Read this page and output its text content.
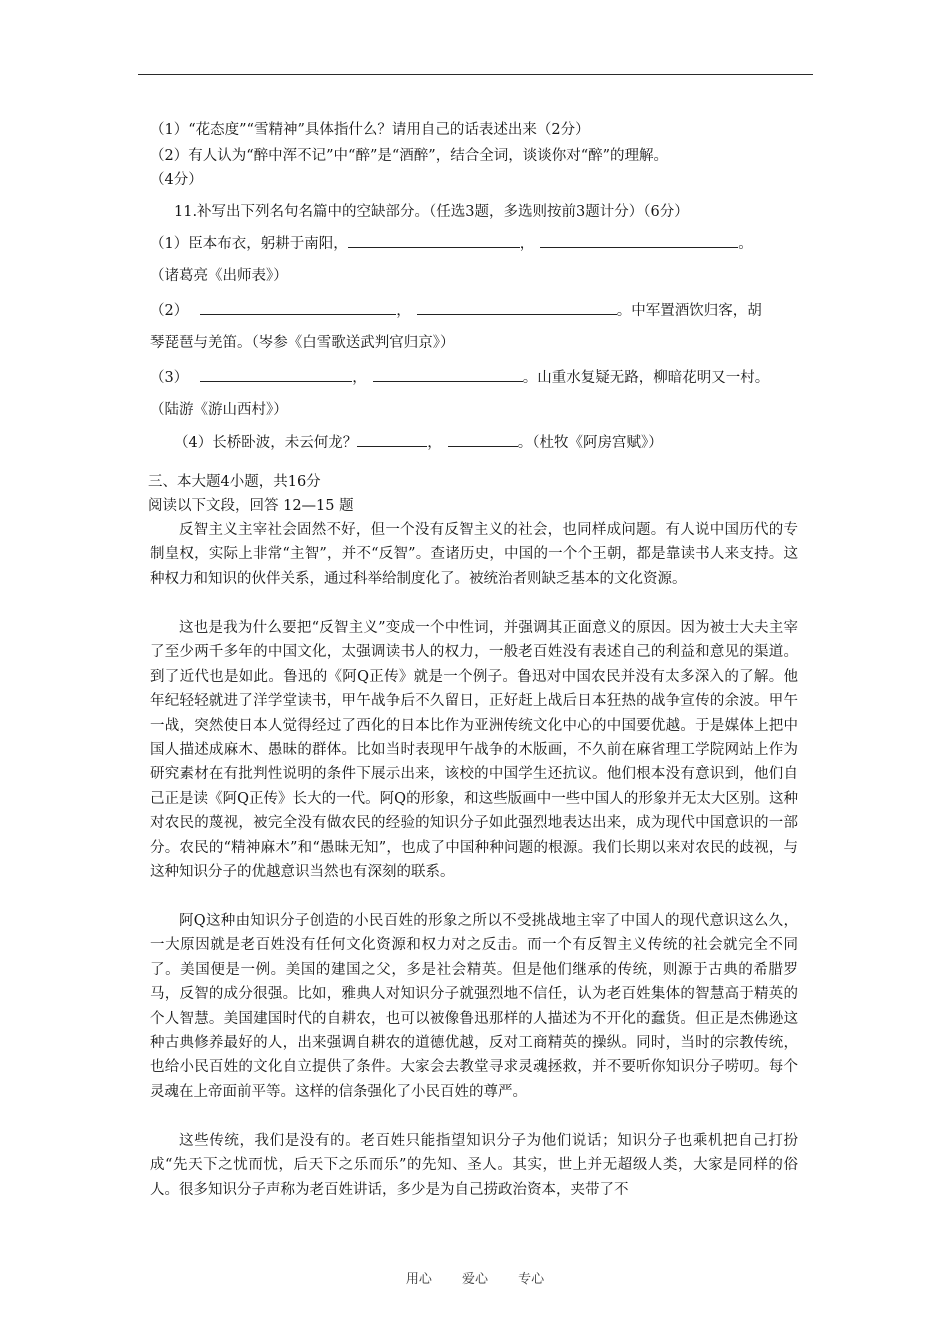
（1）“花态度”“雪精神”具体指什么？请用自己的话表述出来（2分）
（2）有人认为“醉中浑不记”中“醉”是“酒醉”，结合全词，谈谈你对“醉”的理解。
（4分）
11.补写出下列名句名篇中的空缺部分。（任选3题，多选则按前3题计分）（6分）
（1）臣本布衣，躬耕于南阳，	，	。
（诸葛亮《出师表》）
（2）	，	。中军置酒饮归客，胡
琴琵琶与羌笛。（岑参《白雪歌送武判官归京》）
（3）	，	。山重水复疑无路，柳暗花明又一村。
（陆游《游山西村》）
（4）长桥卧波，未云何龙？	，	。（杜牧《阿房宫赋》）
三、本大题4小题，共16分
阅读以下文段，回答 12—15 题
反智主义主宰社会固然不好，但一个没有反智主义的社会，也同样成问题。有人说中国历代的专制皇权，实际上非常“主智”，并不“反智”。查诸历史，中国的一个个王朝，都是靠读书人来支持。这种权力和知识的伙伴关系，通过科举给制度化了。被统治者则缺乏基本的文化资源。
这也是我为什么要把“反智主义”变成一个中性词，并强调其正面意义的原因。因为被士大夫主宰了至少两千多年的中国文化，太强调读书人的权力，一般老百姓没有表述自己的利益和意见的渠道。到了近代也是如此。鲁迅的《阿Q正传》就是一个例子。鲁迅对中国农民并没有太多深入的了解。他年纪轻轻就进了洋学堂读书，甲午战争后不久留日，正好赶上战后日本狂热的战争宣传的余波。甲午一战，突然使日本人觉得经过了西化的日本比作为亚洲传统文化中心的中国要优越。于是媒体上把中国人描述成麻木、愚昧的群体。比如当时表现甲午战争的木版画，不久前在麻省理工学院网站上作为研究素材在有批判性说明的条件下展示出来，该校的中国学生还抗议。他们根本没有意识到，他们自己正是读《阿Q正传》长大的一代。阿Q的形象，和这些版画中一些中国人的形象并无太大区别。这种对农民的蔑视，被完全没有做农民的经验的知识分子如此强烈地表达出来，成为现代中国意识的一部分。农民的“精神麻木”和“愚昧无知”，也成了中国种种问题的根源。我们长期以来对农民的歧视，与这种知识分子的优越意识当然也有深刻的联系。
阿Q这种由知识分子创造的小民百姓的形象之所以不受挑战地主宰了中国人的现代意识这么久，一大原因就是老百姓没有任何文化资源和权力对之反击。而一个有反智主义传统的社会就完全不同了。美国便是一例。美国的建国之父，多是社会精英。但是他们继承的传统，则源于古典的希腊罗马，反智的成分很强。比如，雅典人对知识分子就强烈地不信任，认为老百姓集体的智慧高于精英的个人智慧。美国建国时代的自耕农，也可以被像鲁迅那样的人描述为不开化的蠢货。但正是杰佛逊这种古典修养最好的人，出来强调自耕农的道德优越，反对工商精英的操纵。同时，当时的宗教传统，也给小民百姓的文化自立提供了条件。大家会去教堂寻求灵魂拯救，并不要听你知识分子唠叨。每个灵魂在上帝面前平等。这样的信条强化了小民百姓的尊严。
这些传统，我们是没有的。老百姓只能指望知识分子为他们说话；知识分子也乘机把自己打扮成“先天下之忧而忧，后天下之乐而乐”的先知、圣人。其实，世上并无超级人类，大家是同样的俗人。很多知识分子声称为老百姓讲话，多少是为自己捞政治资本，夹带了不
用心 爱心 专心
